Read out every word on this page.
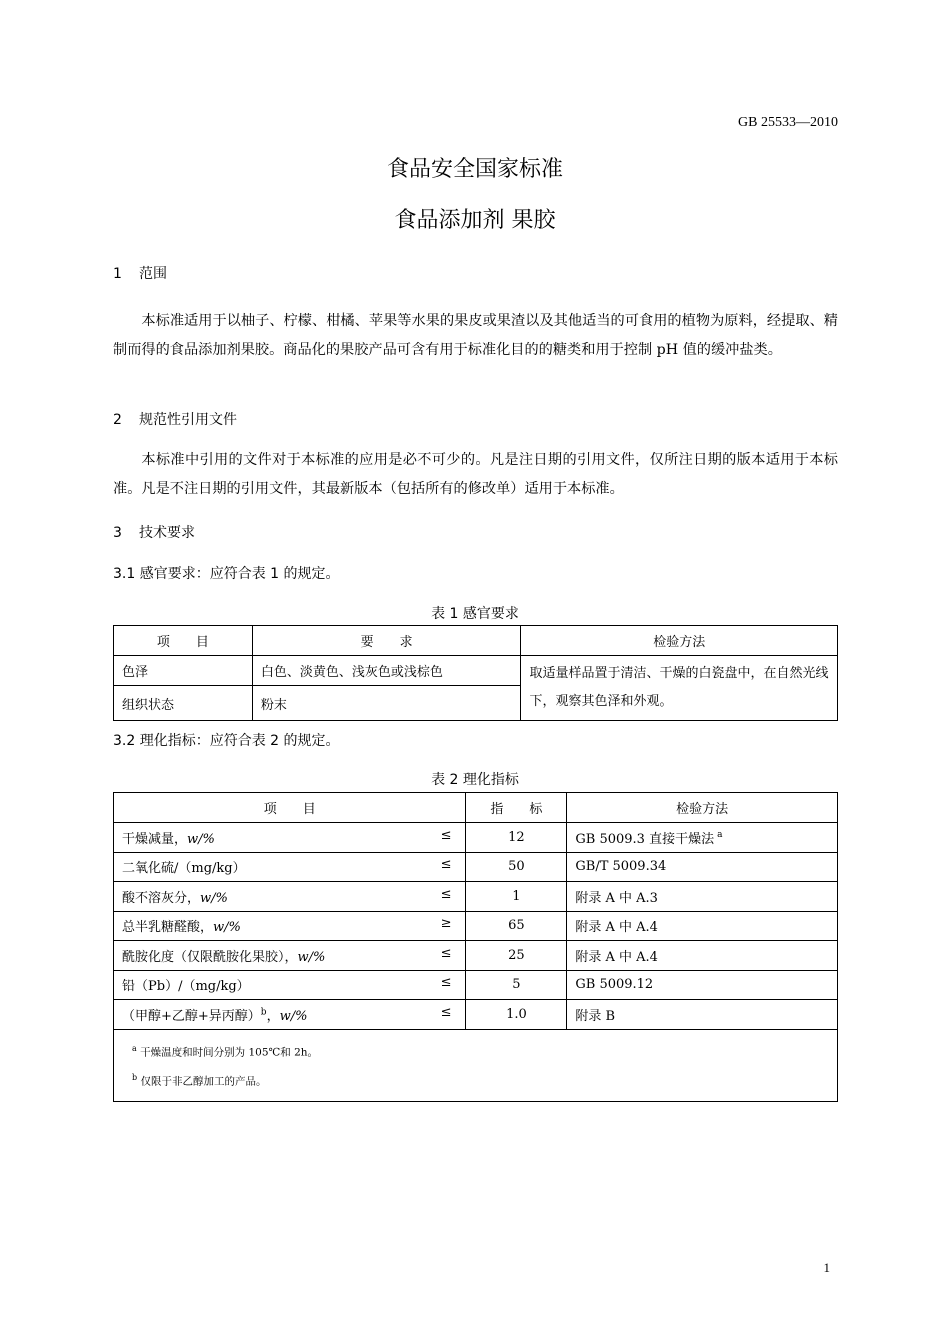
GB 25533—2010
食品安全国家标准
食品添加剂 果胶
1 范围

本标准适用于以柚子、柠檬、柑橘、苹果等水果的果皮或果渣以及其他适当的可食用的植物为原料，经提取、精制而得的食品添加剂果胶。商品化的果胶产品可含有用于标准化目的的糖类和用于控制 pH 值的缓冲盐类。

2 规范性引用文件

本标准中引用的文件对于本标准的应用是必不可少的。凡是注日期的引用文件，仅所注日期的版本适用于本标准。凡是不注日期的引用文件，其最新版本（包括所有的修改单）适用于本标准。

3 技术要求
3.1 感官要求：应符合表 1 的规定。
表 1 感官要求
项　　目	要　　求	检验方法
色泽	白色、淡黄色、浅灰色或浅棕色	取适量样品置于清洁、干燥的白瓷盘中，在自然光线下，观察其色泽和外观。
组织状态	粉末	
3.2 理化指标：应符合表 2 的规定。
表 2 理化指标
项　　目	指　　标	检验方法
干燥减量，w/% ≤	12	GB 5009.3 直接干燥法 $^a$
二氧化硫/（mg/kg） ≤	50	GB/T 5009.34
酸不溶灰分，w/% ≤	1	附录 A 中 A.3
总半乳糖醛酸，w/% ≥	65	附录 A 中 A.4
酰胺化度（仅限酰胺化果胶），w/% ≤	25	附录 A 中 A.4
铅（Pb）/（mg/kg） ≤	5	GB 5009.12
（甲醇+乙醇+异丙醇）$^b$，w/% ≤	1.0	附录 B

$^a$ 干燥温度和时间分别为 105℃和 2h。
$^b$ 仅限于非乙醇加工的产品。		
1
